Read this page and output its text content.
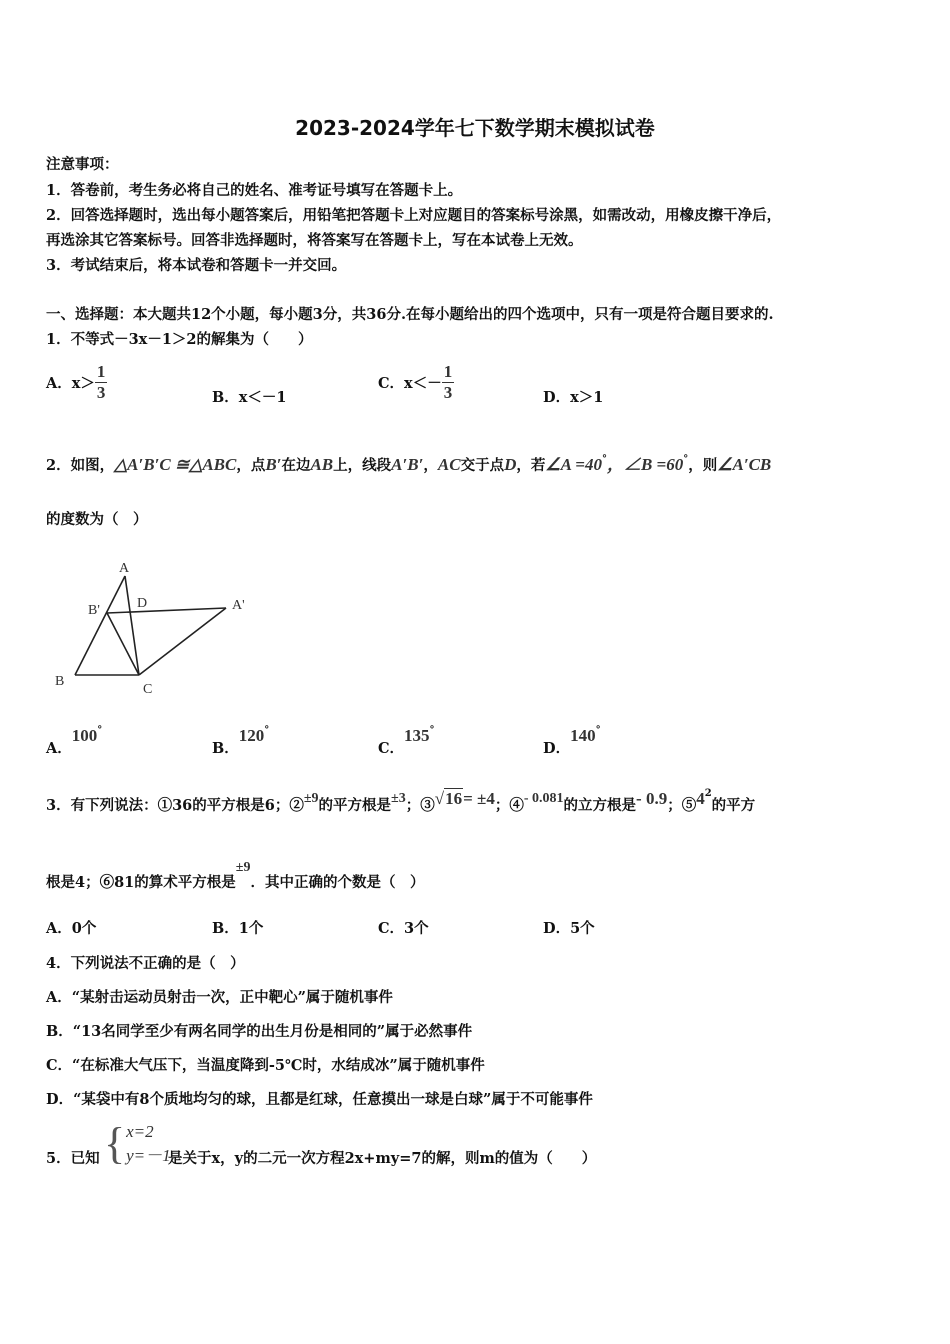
2023-2024学年七下数学期末模拟试卷
注意事项：
1．答卷前，考生务必将自己的姓名、准考证号填写在答题卡上。
2．回答选择题时，选出每小题答案后，用铅笔把答题卡上对应题目的答案标号涂黑，如需改动，用橡皮擦干净后，
再选涂其它答案标号。回答非选择题时，将答案写在答题卡上，写在本试卷上无效。
3．考试结束后，将本试卷和答题卡一并交回。
一、选择题：本大题共12个小题，每小题3分，共36分.在每小题给出的四个选项中，只有一项是符合题目要求的.
1．不等式－3x－1＞2的解集为（　　）
A． $x> \frac{1}{3}$	B．x＜－1
C． $x<- \frac{1}{3}$	D．x＞1
2．如图，△A′B′C ≅△ABC，点B′在边AB上，线段A′B′，AC交于点D，若∠A =40°，∠B =60°，则∠A′CB
的度数为（　）
A
B'	D	A'
B
C
A．100°
B．120°
C．135°
D．140°
3．有下列说法：①36的平方根是6；②±9的平方根是±3；③√16= ±4；④- 0.081的立方根是- 0.9；$⑤4^2$的平方
根是4；⑥81的算术平方根是±9．其中正确的个数是（　）
A．0个	B．1个	C．3个	D．5个
4．下列说法不正确的是（　）
A．“某射击运动员射击一次，正中靶心”属于随机事件
B．“13名同学至少有两名同学的出生月份是相同的”属于必然事件
C．“在标准大气压下，当温度降到-5℃时，水结成冰”属于随机事件
D．“某袋中有8个质地均匀的球，且都是红球，任意摸出一球是白球”属于不可能事件
5．已知 { x=2
y=－1
是关于x，y的二元一次方程2x+my=7的解，则m的值为（　　）
